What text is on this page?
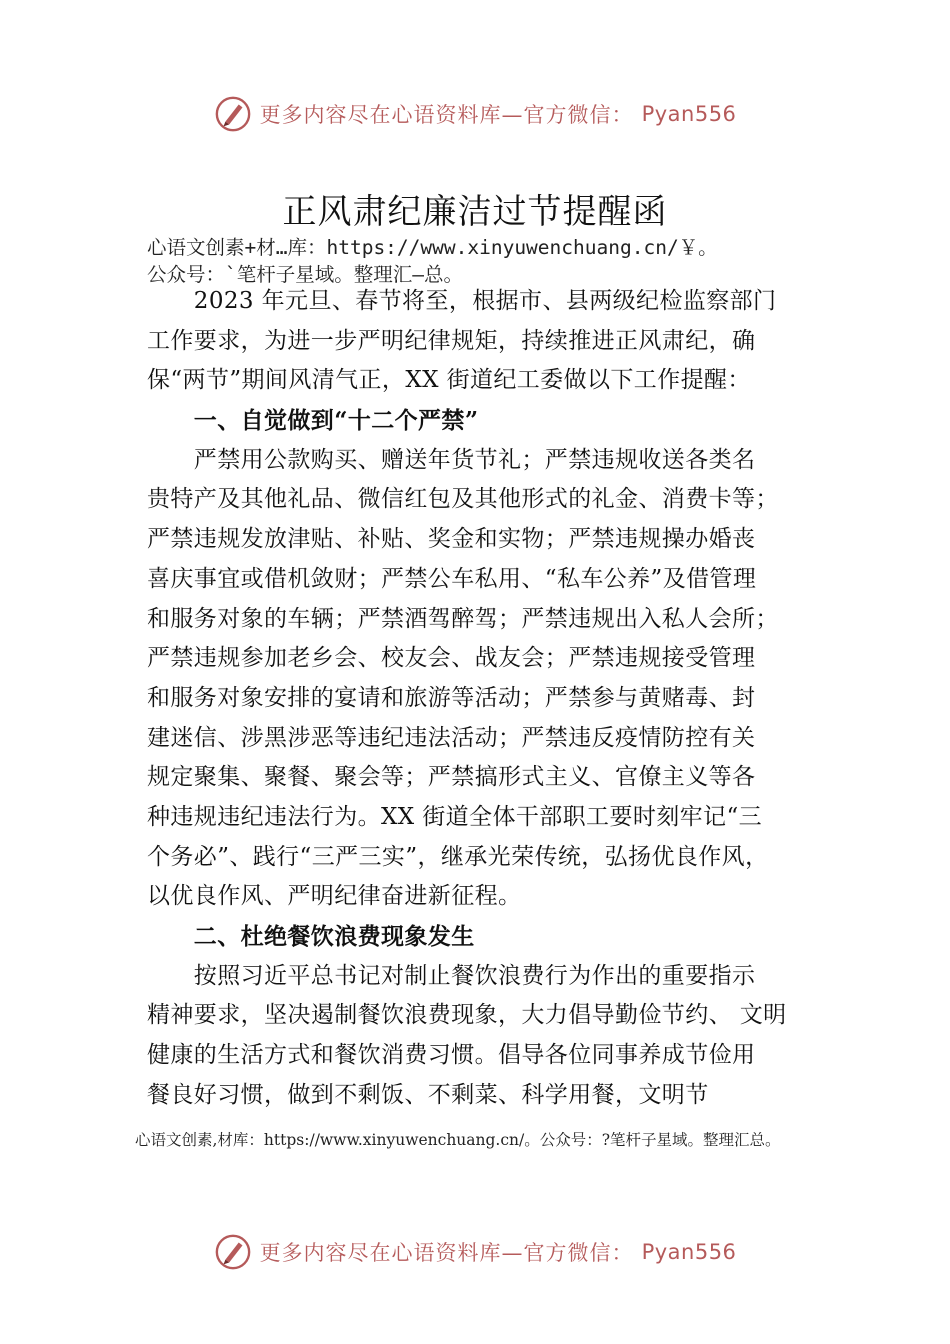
更多内容尽在心语资料库—官方微信： Pyan556
正风肃纪廉洁过节提醒函
心语文创素+材…库：https://www.xinyuwenchuang.cn/￥。
公众号：`笔杆子星域。整理汇—总。
　　2023 年元旦、春节将至，根据市、县两级纪检监察部门
工作要求，为进一步严明纪律规矩，持续推进正风肃纪，确
保“两节”期间风清气正，XX 街道纪工委做以下工作提醒：
　　一、自觉做到“十二个严禁”
　　严禁用公款购买、赠送年货节礼；严禁违规收送各类名
贵特产及其他礼品、微信红包及其他形式的礼金、消费卡等；
严禁违规发放津贴、补贴、奖金和实物；严禁违规操办婚丧
喜庆事宜或借机敛财；严禁公车私用、“私车公养”及借管理
和服务对象的车辆；严禁酒驾醉驾；严禁违规出入私人会所；
严禁违规参加老乡会、校友会、战友会；严禁违规接受管理
和服务对象安排的宴请和旅游等活动；严禁参与黄赌毒、封
建迷信、涉黑涉恶等违纪违法活动；严禁违反疫情防控有关
规定聚集、聚餐、聚会等；严禁搞形式主义、官僚主义等各
种违规违纪违法行为。XX 街道全体干部职工要时刻牢记“三
个务必”、践行“三严三实”，继承光荣传统，弘扬优良作风，
以优良作风、严明纪律奋进新征程。
　　二、杜绝餐饮浪费现象发生
　　按照习近平总书记对制止餐饮浪费行为作出的重要指示
精神要求，坚决遏制餐饮浪费现象，大力倡导勤俭节约、 文明
健康的生活方式和餐饮消费习惯。倡导各位同事养成节俭用
餐良好习惯，做到不剩饭、不剩菜、科学用餐，文明节
心语文创素,材库：https://www.xinyuwenchuang.cn/。公众号：?笔杆子星域。整理汇总。
更多内容尽在心语资料库—官方微信： Pyan556
